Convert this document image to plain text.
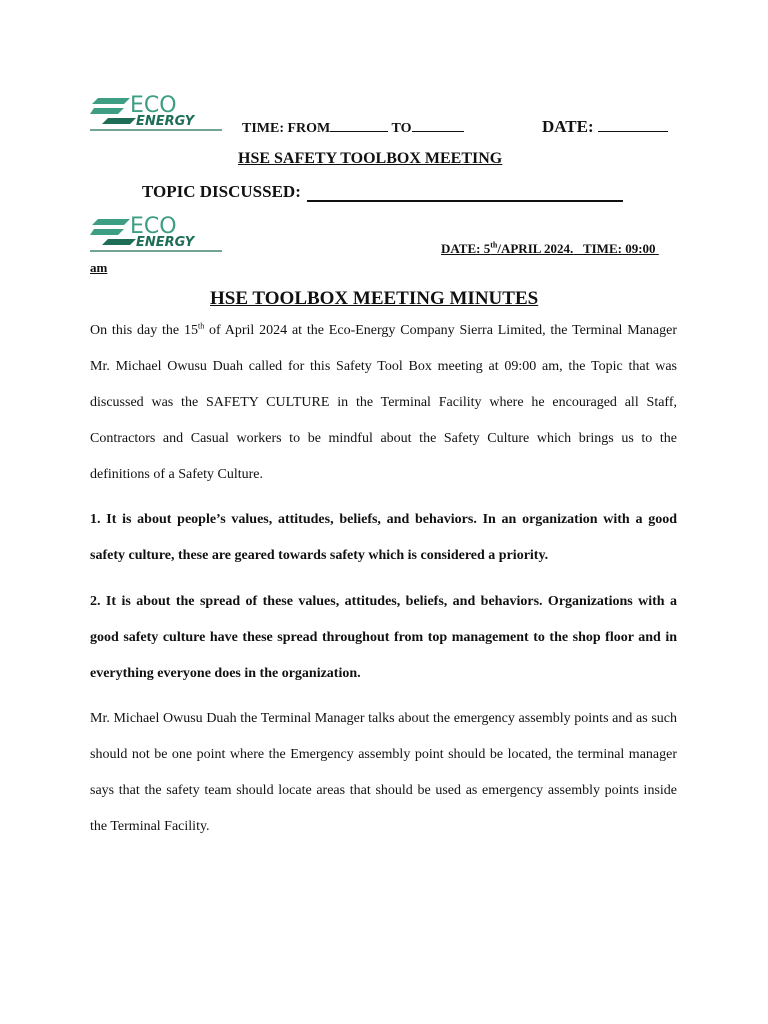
ECO
ENERGY	TIME: FROM	TO	DATE:
HSE SAFETY TOOLBOX MEETING
TOPIC DISCUSSED:
ECO
ENERGY	DATE: 5th/APRIL 2024. TIME: 09:00
am
HSE TOOLBOX MEETING MINUTES

On this day the 15th of April 2024 at the Eco-Energy Company Sierra Limited, the Terminal Manager Mr. Michael Owusu Duah called for this Safety Tool Box meeting at 09:00 am, the Topic that was discussed was the SAFETY CULTURE in the Terminal Facility where he encouraged all Staff, Contractors and Casual workers to be mindful about the Safety Culture which brings us to the definitions of a Safety Culture.

1. It is about people’s values, attitudes, beliefs, and behaviors. In an organization with a good safety culture, these are geared towards safety which is considered a priority.

2. It is about the spread of these values, attitudes, beliefs, and behaviors. Organizations with a good safety culture have these spread throughout from top management to the shop floor and in everything everyone does in the organization.

Mr. Michael Owusu Duah the Terminal Manager talks about the emergency assembly points and as such should not be one point where the Emergency assembly point should be located, the terminal manager says that the safety team should locate areas that should be used as emergency assembly points inside the Terminal Facility.
